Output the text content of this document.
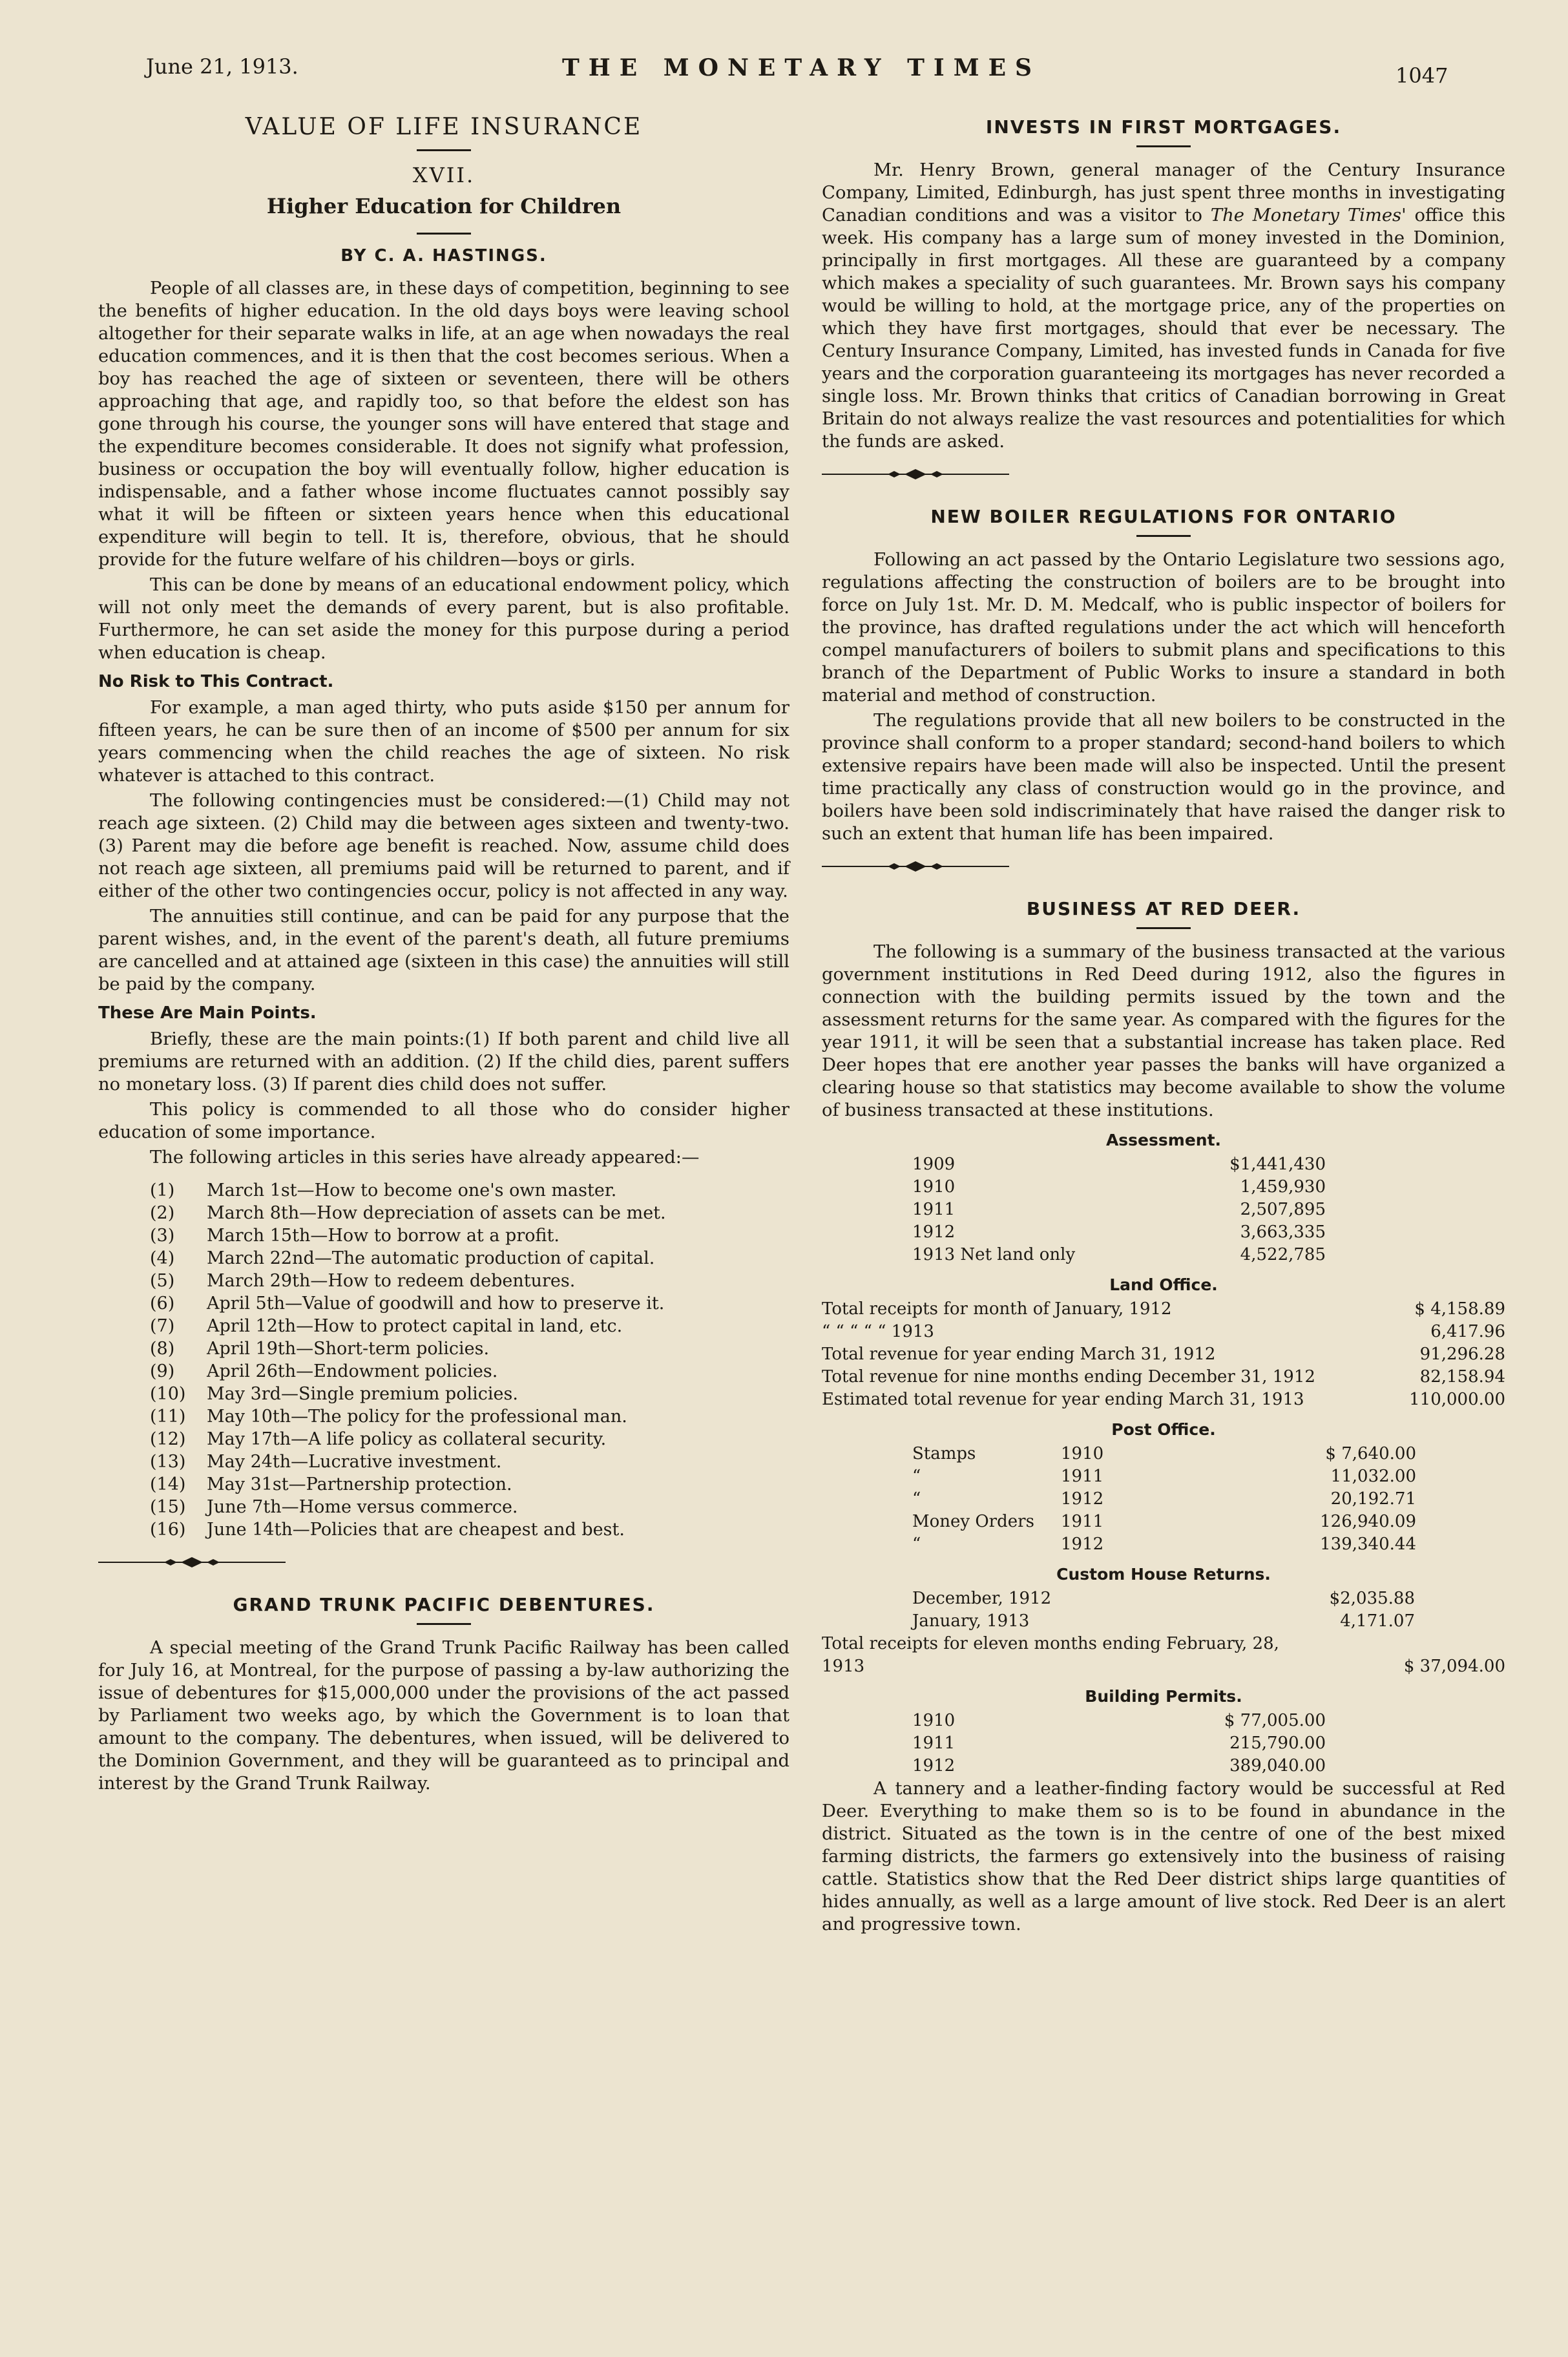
June 21, 1913.	THE MONETARY TIMES	1047
VALUE OF LIFE INSURANCE
XVII.
Higher Education for Children
BY C. A. HASTINGS.

People of all classes are, in these days of competition, beginning to see the benefits of higher education. In the old days boys were leaving school altogether for their separate walks in life, at an age when nowadays the real education commences, and it is then that the cost becomes serious. When a boy has reached the age of sixteen or seventeen, there will be others approaching that age, and rapidly too, so that before the eldest son has gone through his course, the younger sons will have entered that stage and the expenditure becomes considerable. It does not signify what profession, business or occupation the boy will eventually follow, higher education is indispensable, and a father whose income fluctuates cannot possibly say what it will be fifteen or sixteen years hence when this educational expenditure will begin to tell. It is, therefore, obvious, that he should provide for the future welfare of his children—boys or girls.

This can be done by means of an educational endowment policy, which will not only meet the demands of every parent, but is also profitable. Furthermore, he can set aside the money for this purpose during a period when education is cheap.

No Risk to This Contract.

For example, a man aged thirty, who puts aside $150 per annum for fifteen years, he can be sure then of an income of $500 per annum for six years commencing when the child reaches the age of sixteen. No risk whatever is attached to this contract.

The following contingencies must be considered:—(1) Child may not reach age sixteen. (2) Child may die between ages sixteen and twenty-two. (3) Parent may die before age benefit is reached. Now, assume child does not reach age sixteen, all premiums paid will be returned to parent, and if either of the other two contingencies occur, policy is not affected in any way.

The annuities still continue, and can be paid for any purpose that the parent wishes, and, in the event of the parent's death, all future premiums are cancelled and at attained age (sixteen in this case) the annuities will still be paid by the company.

These Are Main Points.

Briefly, these are the main points:(1) If both parent and child live all premiums are returned with an addition. (2) If the child dies, parent suffers no monetary loss. (3) If parent dies child does not suffer.

This policy is commended to all those who do consider higher education of some importance.

The following articles in this series have already appeared:—

(1)	March 1st—How to become one's own master.
(2)	March 8th—How depreciation of assets can be met.
(3)	March 15th—How to borrow at a profit.
(4)	March 22nd—The automatic production of capital.
(5)	March 29th—How to redeem debentures.
(6)	April 5th—Value of goodwill and how to preserve it.
(7)	April 12th—How to protect capital in land, etc.
(8)	April 19th—Short-term policies.
(9)	April 26th—Endowment policies.
(10)	May 3rd—Single premium policies.
(11)	May 10th—The policy for the professional man.
(12)	May 17th—A life policy as collateral security.
(13)	May 24th—Lucrative investment.
(14)	May 31st—Partnership protection.
(15)	June 7th—Home versus commerce.
(16)	June 14th—Policies that are cheapest and best.
GRAND TRUNK PACIFIC DEBENTURES.

A special meeting of the Grand Trunk Pacific Railway has been called for July 16, at Montreal, for the purpose of passing a by-law authorizing the issue of debentures for $15,000,000 under the provisions of the act passed by Parliament two weeks ago, by which the Government is to loan that amount to the company. The debentures, when issued, will be delivered to the Dominion Government, and they will be guaranteed as to principal and interest by the Grand Trunk Railway.

INVESTS IN FIRST MORTGAGES.

Mr. Henry Brown, general manager of the Century Insurance Company, Limited, Edinburgh, has just spent three months in investigating Canadian conditions and was a visitor to The Monetary Times' office this week. His company has a large sum of money invested in the Dominion, principally in first mortgages. All these are guaranteed by a company which makes a speciality of such guarantees. Mr. Brown says his company would be willing to hold, at the mortgage price, any of the properties on which they have first mortgages, should that ever be necessary. The Century Insurance Company, Limited, has invested funds in Canada for five years and the corporation guaranteeing its mortgages has never recorded a single loss. Mr. Brown thinks that critics of Canadian borrowing in Great Britain do not always realize the vast resources and potentialities for which the funds are asked.

NEW BOILER REGULATIONS FOR ONTARIO

Following an act passed by the Ontario Legislature two sessions ago, regulations affecting the construction of boilers are to be brought into force on July 1st. Mr. D. M. Medcalf, who is public inspector of boilers for the province, has drafted regulations under the act which will henceforth compel manufacturers of boilers to submit plans and specifications to this branch of the Department of Public Works to insure a standard in both material and method of construction.

The regulations provide that all new boilers to be constructed in the province shall conform to a proper standard; second-hand boilers to which extensive repairs have been made will also be inspected. Until the present time practically any class of construction would go in the province, and boilers have been sold indiscriminately that have raised the danger risk to such an extent that human life has been impaired.

BUSINESS AT RED DEER.

The following is a summary of the business transacted at the various government institutions in Red Deed during 1912, also the figures in connection with the building permits issued by the town and the assessment returns for the same year. As compared with the figures for the year 1911, it will be seen that a substantial increase has taken place. Red Deer hopes that ere another year passes the banks will have organized a clearing house so that statistics may become available to show the volume of business transacted at these institutions.

Assessment.
1909	$1,441,430
1910	1,459,930
1911	2,507,895
1912	3,663,335
1913 Net land only	4,522,785
Land Office.
Total receipts for month of January, 1912	$ 4,158.89
“ “ “ “ “ 1913	6,417.96
Total revenue for year ending March 31, 1912	91,296.28
Total revenue for nine months ending December 31, 1912	82,158.94
Estimated total revenue for year ending March 31, 1913	110,000.00
Post Office.
Stamps	1910	$ 7,640.00
“	1911	11,032.00
“	1912	20,192.71
Money Orders	1911	126,940.09
“	1912	139,340.44
Custom House Returns.
December, 1912	$2,035.88
January, 1913	4,171.07
Total receipts for eleven months ending February, 28, 1913	$ 37,094.00
Building Permits.
1910	$ 77,005.00
1911	215,790.00
1912	389,040.00

A tannery and a leather-finding factory would be successful at Red Deer. Everything to make them so is to be found in abundance in the district. Situated as the town is in the centre of one of the best mixed farming districts, the farmers go extensively into the business of raising cattle. Statistics show that the Red Deer district ships large quantities of hides annually, as well as a large amount of live stock. Red Deer is an alert and progressive town.
